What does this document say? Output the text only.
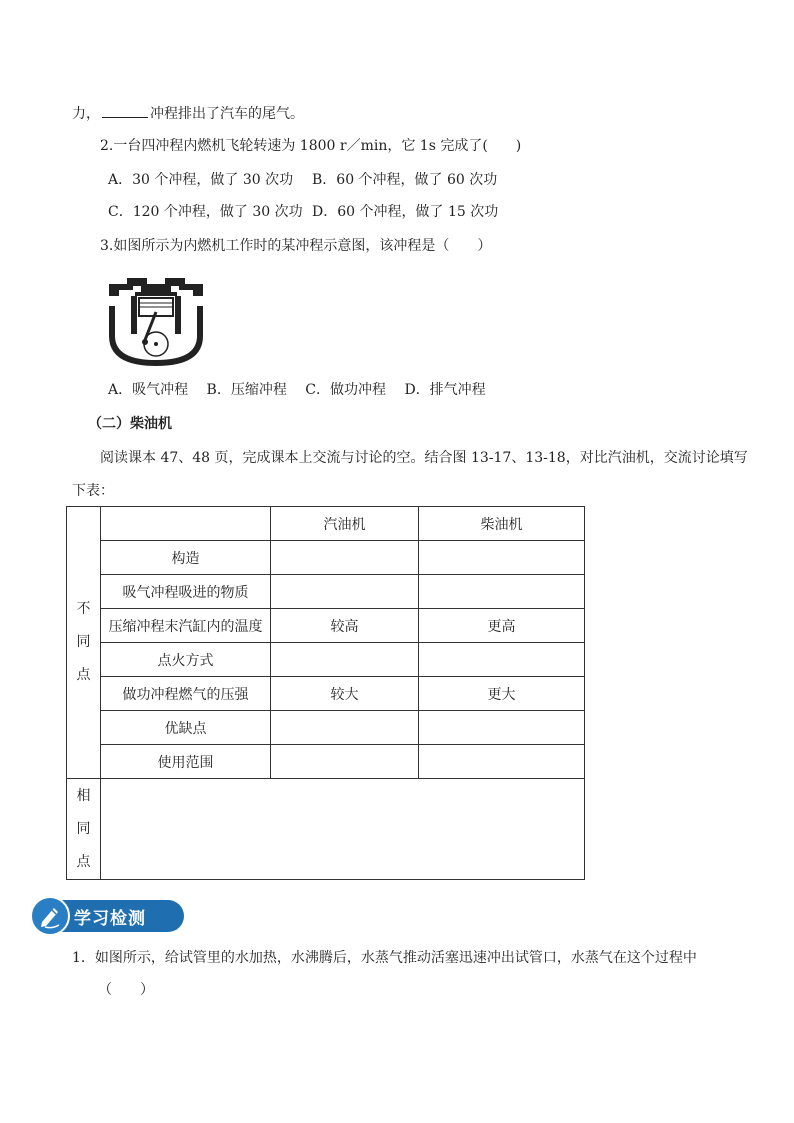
力，	冲程排出了汽车的尾气。
2.一台四冲程内燃机飞轮转速为 1800 r／min，它 1s 完成了(　　)
A．30 个冲程，做了 30 次功 B．60 个冲程，做了 60 次功
C．120 个冲程，做了 30 次功 D．60 个冲程，做了 15 次功
3.如图所示为内燃机工作时的某冲程示意图，该冲程是（　　）
A．吸气冲程　 B．压缩冲程　 C．做功冲程　 D．排气冲程
（二）柴油机
阅读课本 47、48 页，完成课本上交流与讨论的空。结合图 13-17、13-18，对比汽油机，交流讨论填写
下表：
不
同
点		汽油机	柴油机
	构造		
	吸气冲程吸进的物质		
	压缩冲程末汽缸内的温度	较高	更高
	点火方式		
	做功冲程燃气的压强	较大	更大
	优缺点		
	使用范围		

相
同
点			

学习检测
1．如图所示，给试管里的水加热，水沸腾后，水蒸气推动活塞迅速冲出试管口，水蒸气在这个过程中
（　　）
